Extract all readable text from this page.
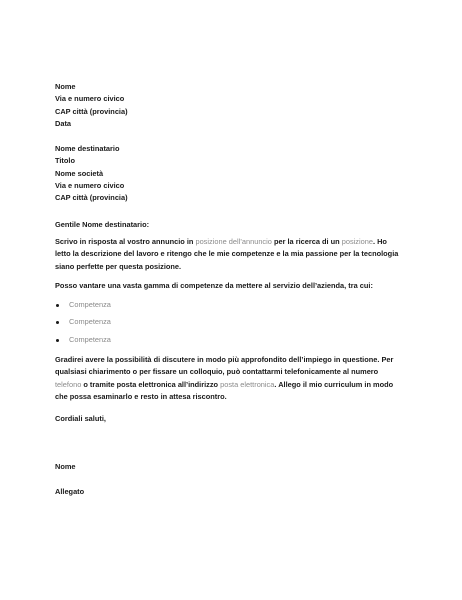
Nome
Via e numero civico
CAP città (provincia)
Data
Nome destinatario
Titolo
Nome società
Via e numero civico
CAP città (provincia)
Gentile Nome destinatario:
Scrivo in risposta al vostro annuncio in posizione dell’annuncio per la ricerca di un posizione. Ho letto la descrizione del lavoro e ritengo che le mie competenze e la mia passione per la tecnologia siano perfette per questa posizione.
Posso vantare una vasta gamma di competenze da mettere al servizio dell’azienda, tra cui:
Competenza
Competenza
Competenza
Gradirei avere la possibilità di discutere in modo più approfondito dell’impiego in questione. Per qualsiasi chiarimento o per fissare un colloquio, può contattarmi telefonicamente al numero telefono o tramite posta elettronica all’indirizzo posta elettronica. Allego il mio curriculum in modo che possa esaminarlo e resto in attesa riscontro.
Cordiali saluti,
Nome
Allegato
